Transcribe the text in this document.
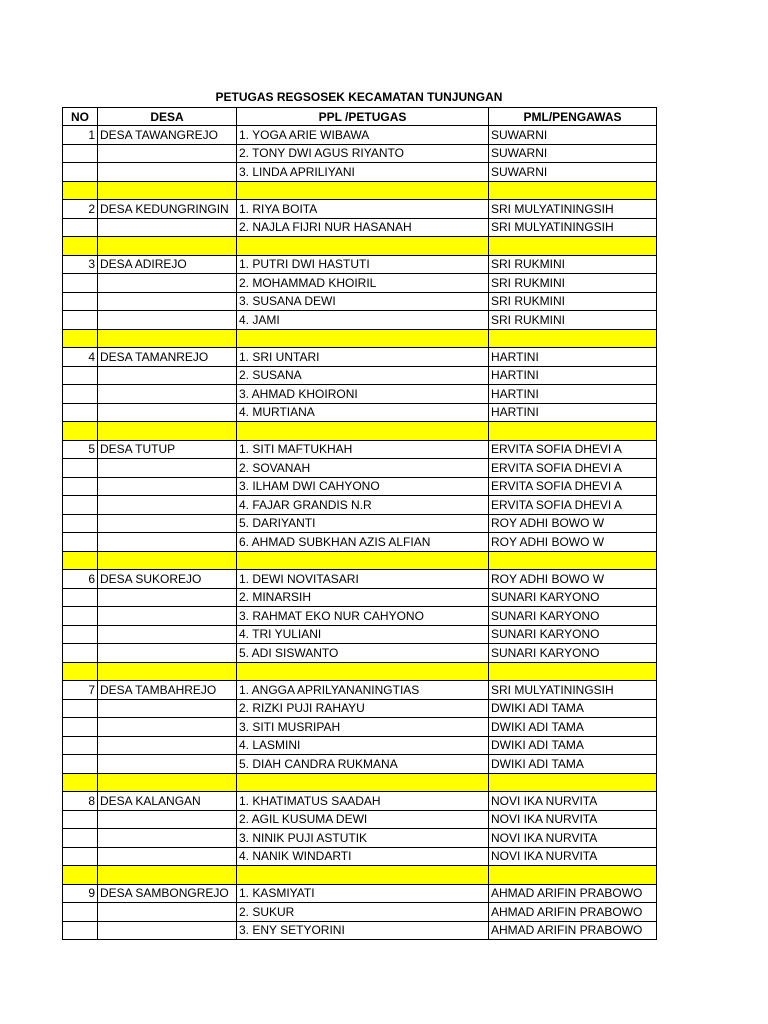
PETUGAS REGSOSEK KECAMATAN TUNJUNGAN
NO	DESA	PPL /PETUGAS	PML/PENGAWAS
1	DESA TAWANGREJO	1. YOGA ARIE WIBAWA	SUWARNI
		2. TONY DWI AGUS RIYANTO	SUWARNI
		3. LINDA APRILIYANI	SUWARNI

2	DESA KEDUNGRINGIN	1. RIYA BOITA	SRI MULYATININGSIH
		2. NAJLA FIJRI NUR HASANAH	SRI MULYATININGSIH

3	DESA ADIREJO	1. PUTRI DWI HASTUTI	SRI RUKMINI
		2. MOHAMMAD KHOIRIL	SRI RUKMINI
		3. SUSANA DEWI	SRI RUKMINI
		4. JAMI	SRI RUKMINI

4	DESA TAMANREJO	1. SRI UNTARI	HARTINI
		2. SUSANA	HARTINI
		3. AHMAD KHOIRONI	HARTINI
		4. MURTIANA	HARTINI

5	DESA TUTUP	1. SITI MAFTUKHAH	ERVITA SOFIA DHEVI A
		2. SOVANAH	ERVITA SOFIA DHEVI A
		3. ILHAM DWI CAHYONO	ERVITA SOFIA DHEVI A
		4. FAJAR GRANDIS N.R	ERVITA SOFIA DHEVI A
		5. DARIYANTI	ROY ADHI BOWO W
		6. AHMAD SUBKHAN AZIS ALFIAN	ROY ADHI BOWO W

6	DESA SUKOREJO	1. DEWI NOVITASARI	ROY ADHI BOWO W
		2. MINARSIH	SUNARI KARYONO
		3. RAHMAT EKO NUR CAHYONO	SUNARI KARYONO
		4. TRI YULIANI	SUNARI KARYONO
		5. ADI SISWANTO	SUNARI KARYONO

7	DESA TAMBAHREJO	1. ANGGA APRILYANANINGTIAS	SRI MULYATININGSIH
		2. RIZKI PUJI RAHAYU	DWIKI ADI TAMA
		3. SITI MUSRIPAH	DWIKI ADI TAMA
		4. LASMINI	DWIKI ADI TAMA
		5. DIAH CANDRA RUKMANA	DWIKI ADI TAMA

8	DESA KALANGAN	1. KHATIMATUS SAADAH	NOVI IKA NURVITA
		2. AGIL KUSUMA DEWI	NOVI IKA NURVITA
		3. NINIK PUJI ASTUTIK	NOVI IKA NURVITA
		4. NANIK WINDARTI	NOVI IKA NURVITA

9	DESA SAMBONGREJO	1. KASMIYATI	AHMAD ARIFIN PRABOWO
		2. SUKUR	AHMAD ARIFIN PRABOWO
		3. ENY SETYORINI	AHMAD ARIFIN PRABOWO
